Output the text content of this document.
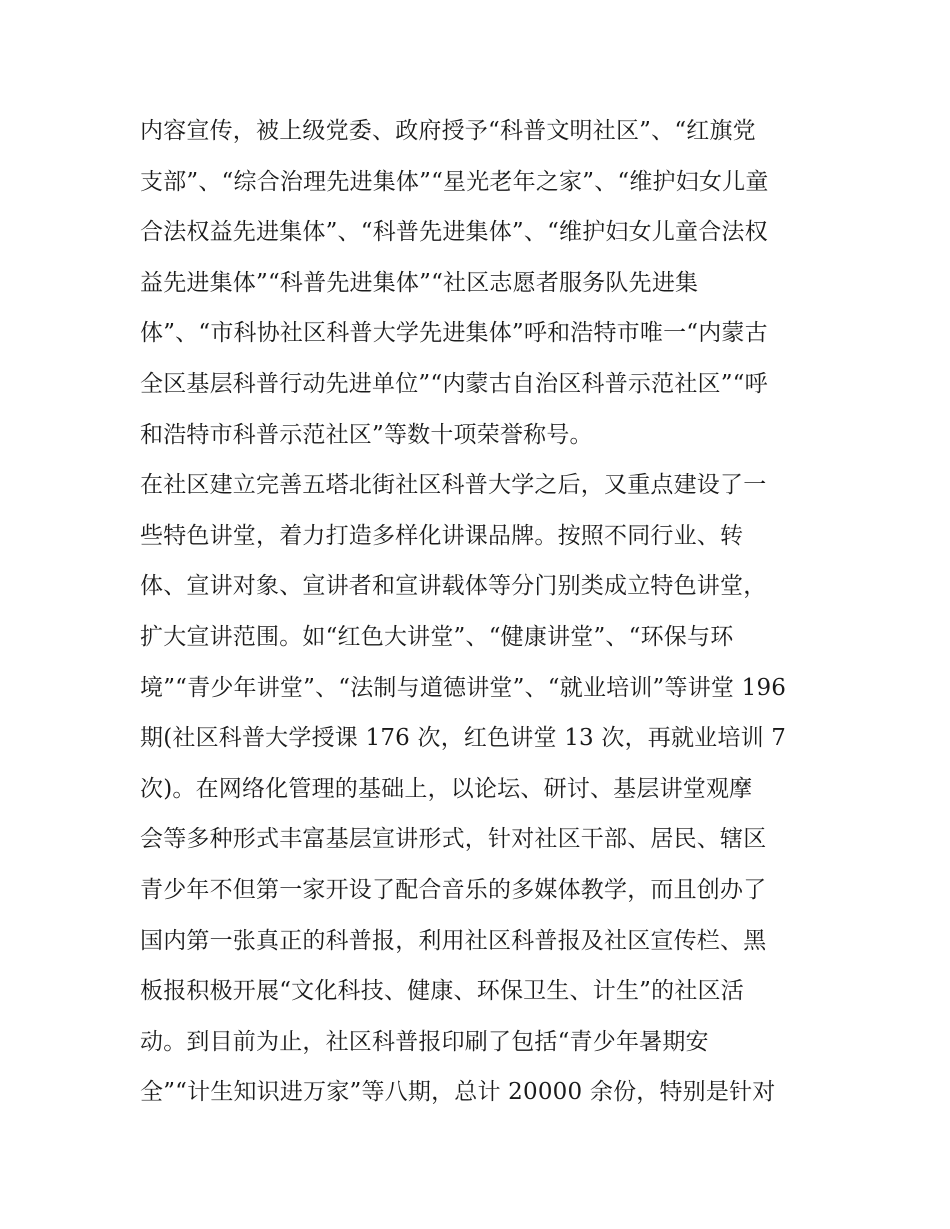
内容宣传，被上级党委、政府授予“科普文明社区”、“红旗党
支部”、“综合治理先进集体”“星光老年之家”、“维护妇女儿童
合法权益先进集体”、“科普先进集体”、“维护妇女儿童合法权
益先进集体”“科普先进集体”“社区志愿者服务队先进集
体”、“市科协社区科普大学先进集体”呼和浩特市唯一“内蒙古
全区基层科普行动先进单位”“内蒙古自治区科普示范社区”“呼
和浩特市科普示范社区”等数十项荣誉称号。
在社区建立完善五塔北街社区科普大学之后，又重点建设了一
些特色讲堂，着力打造多样化讲课品牌。按照不同行业、转
体、宣讲对象、宣讲者和宣讲载体等分门别类成立特色讲堂，
扩大宣讲范围。如“红色大讲堂”、“健康讲堂”、“环保与环
境”“青少年讲堂”、“法制与道德讲堂”、“就业培训”等讲堂 196
期(社区科普大学授课 176 次，红色讲堂 13 次，再就业培训 7
次)。在网络化管理的基础上，以论坛、研讨、基层讲堂观摩
会等多种形式丰富基层宣讲形式，针对社区干部、居民、辖区
青少年不但第一家开设了配合音乐的多媒体教学，而且创办了
国内第一张真正的科普报，利用社区科普报及社区宣传栏、黑
板报积极开展“文化科技、健康、环保卫生、计生”的社区活
动。到目前为止，社区科普报印刷了包括“青少年暑期安
全”“计生知识进万家”等八期，总计 20000 余份，特别是针对
